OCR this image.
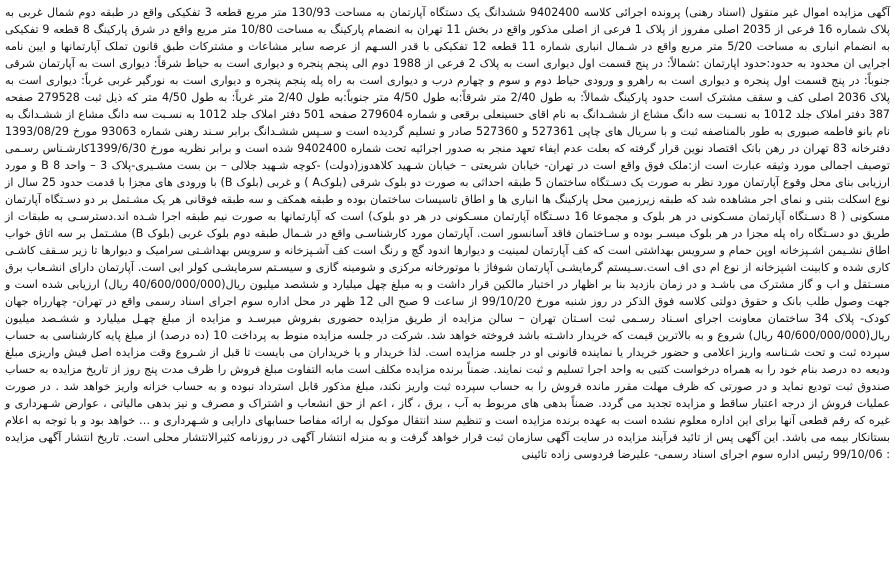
آگهی مزایده اموال غیر منقول (اسناد رهنی) پرونده اجرائی کلاسه 9402400 ششدانگ یک دستگاه آپارتمان به مساحت 130/93 متر مربع قطعه 3 تفکیکی واقع در طبقه دوم شمال غربی به پلاک شماره 16 فرعی از 2035 اصلی مفروز از پلاک 1 فرعی از اصلی مذکور واقع در بخش 11 تهران به انضمام پارکینگ به مساحت 10/80 متر مربع واقع در شرق پارکینگ 8 قطعه 9 تفکیکی به انضمام انباری به مساحت 5/20 متر مربع واقع در شـمال انباری شماره 11 قطعه 12 تفکیکی با قدر السـهم از عرصه سایر مشاعات و مشترکات طبق قانون تملک آپارتمانها و ایین نامه اجرایی ان محدود به حدود:حدود اپارتمان :شمالاً: در پنج قسمت اول دیواری است به پلاک 2 فرعی از 1988 دوم الی پنجم پنجره و دیواری است به حیاط شرقاً: دیواری است به آپارتمان شرقی جنوباً: در پنج قسمت اول پنجره و دیواری است به راهرو و ورودی حیاط دوم و سوم و چهارم درب و دیواری است به راه پله پنجم پنجره و دیواری است به نورگیر غربی غرباً: دیواری است به پلاک 2036 اصلی کف و سقف مشترک است حدود پارکینگ شمالاً: به طول 2/40 متر شرقاً:به طول 4/50 متر جنوباً:به طول 2/40 متر غرباً: به طول 4/50 متر که ذیل ثبت 279528 صفحه 387 دفتر املاک جلد 1012 به نسـبت سه دانگ مشاع از ششـدانگ به نام اقای حسینعلی برقعی و شماره 279604 صفحه 501 دفتر املاک جلد 1012 به نسـبت سه دانگ مشاع از ششـدانگ به نام بانو فاطمه صبوری به طور بالمناصفه ثبت و با سریال های چاپی 527361 و 527360 صادر و تسلیم گردیده است و سـپس ششـدانگ برابر سـند رهنی شماره 93063 مورخ 1393/08/29 دفترخانه 83 تهران در رهن بانک اقتصاد نوین قرار گرفته که بعلت عدم ایفاء تعهد منجر به صدور اجرائیه تحت شماره 9402400 شده است و برابر نظریه مورخ 1399/6/30کارشـناس رسـمی توصیف اجمالی مورد وثیقه عبارت است از:ملک فوق واقع است در تهران- خیابان شریعتی – خیابان شـهید کلاهدوز(دولت) -کوچه شـهید جلالی – بن بست مشـیری-پلاک 3 – واحد 8 B و مورد ارزیابی بنای محل وقوع آپارتمان مورد نظر به صورت یک دسـتگاه ساختمان 5 طبقه احداثی به صورت دو بلوک شرقی (بلوکA ) و غربی (بلوک B) با ورودی های مجزا با قدمت حدود 25 سال از نوع اسکلت بتنی و نمای اجر مشاهده شد که طبقه زیرزمین محل پارکینگ ها انباری ها و اطاق تاسیسات ساختمان بوده و طبقه همکف و سه طبقه فوقانی هر یک مشـتمل بر دو دسـتگاه آپارتمان مسکونی ( 8 دسـتگاه آپارتمان مسـکونی در هر بلوک و مجموعا 16 دسـتگاه آپارتمان مسـکونی در هر دو بلوک) است که آپارتمانها به صورت نیم طبقه اجرا شـده اند.دسترسـی به طبقات از طریق دو دسـتگاه راه پله مجزا در هر بلوک میسـر بوده و سـاختمان فاقد آسانسور است. آپارتمان مورد کارشناسـی واقع در شـمال طبقه دوم بلوک غربی (بلوک B) مشـتمل بر سه اتاق خواب اطاق نشـیمن اشـپزخانه اوپن حمام و سرویس بهداشتی است که کف آپارتمان لمینیت و دیوارها اندود گچ و رنگ است کف آشـپزخانه و سرویس بهداشـتی سرامیک و دیوارها تا زیر سـقف کاشـی کاری شده و کابینت اشپزخانه از نوع ام دی اف است.سـیستم گرمایشـی آپارتمان شوفاژ با موتورخانه مرکزی و شومینه گازی و سیسـتم سرمایشـی کولر ابی است. آپارتمان دارای انشـعاب برق مسـتقل و اب و گاز مشترک می باشـد و در زمان بازدید بنا بر اظهار در اختیار مالکین قرار داشت و به مبلغ چهل میلیارد و ششصد میلیون ریال(40/600/000/000 ریال) ارزیابی شده است و جهت وصول طلب بانک و حقوق دولتی کلاسه فوق الذکر در روز شنبه مورخ 99/10/20 از ساعت 9 صبح الی 12 ظهر در محل اداره سوم اجرای اسناد رسمی واقع در تهران- چهارراه جهان کودک- پلاک 34 ساختمان معاونت اجرای اسـناد رسـمی ثبت اسـتان تهران – سالن مزایده از طریق مزایده حضوری بفروش میرسـد و مزایده از مبلغ چهـل میلیارد و ششـصد میلیون ریال(40/600/000/000 ریال) شروع و به بالاترین قیمت که خریدار داشـته باشد فروخته خواهد شد. شرکت در جلسه مزایده منوط به پرداخت 10 (ده درصد) از مبلغ پایه کارشناسی به حساب سپرده ثبت و تحت شـناسه واریز اعلامی و حضور خریدار یا نماینده قانونی او در جلسه مزایده است. لذا خریدار و یا خریداران می بایست تا قبل از شـروع وقت مزایده اصل فیش واریزی مبلغ ودیعه ده درصد بنام خود را به همراه درخواست کتبی به واحد اجرا تسلیم و ثبت نمایند. ضمناً برنده مزایده مکلف است مابه التفاوت مبلغ فروش را ظرف مدت پنج روز از تاریخ مزایده به حساب صندوق ثبت تودیع نماید و در صورتی که ظرف مهلت مقرر مانده فروش را به حساب سپرده ثبت واریز نکند، مبلغ مذکور قابل استرداد نبوده و به حساب خزانه واریز خواهد شد . در صورت عملیات فروش از درجه اعتبار ساقط و مزایده تجدید می گردد. ضمناً بدهی های مربوط به آب ، برق ، گاز ، اعم از حق انشعاب و اشتراک و مصرف و نیز بدهی مالیاتی ، عوارض شـهرداری و غیره که رقم قطعی آنها برای این اداره معلوم نشده است به عهده برنده مزایده است و تنظیم سند انتقال موکول به ارائه مفاصا حسابهای دارایی و شـهرداری و … خواهد بود و با توجه به اعلام بستانکار بیمه می باشد. این آگهی پس از تائید فرآیند مزایده در سایت آگهی سازمان ثبت قرار خواهد گرفت و به منزله انتشار آگهی در روزنامه کثیرالانتشار محلی است. تاریخ انتشار آگهی مزایده : 99/10/06 رئیس اداره سوم اجرای اسناد رسمی- علیرضا فردوسی زاده تائینی
